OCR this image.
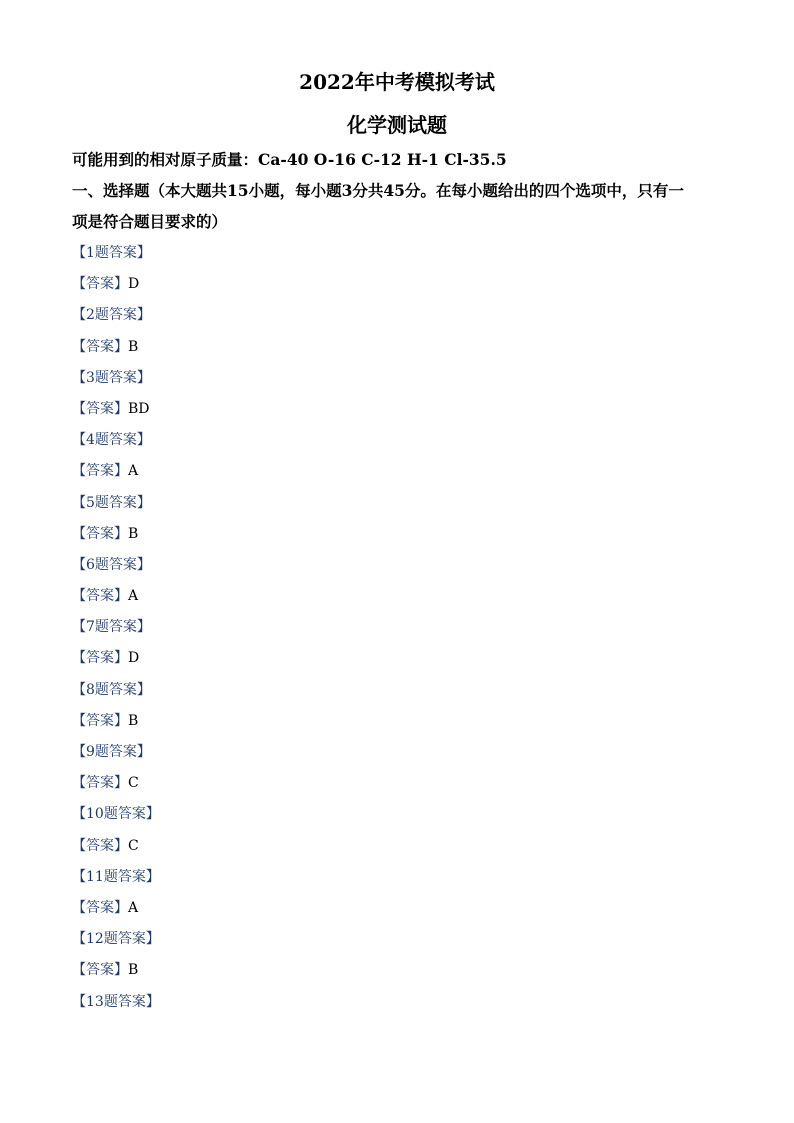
2022年中考模拟考试
化学测试题
可能用到的相对原子质量：Ca-40 O-16 C-12 H-1 Cl-35.5
一、选择题（本大题共15小题，每小题3分共45分。在每小题给出的四个选项中，只有一
项是符合题目要求的）
【1题答案】
【答案】D
【2题答案】
【答案】B
【3题答案】
【答案】BD
【4题答案】
【答案】A
【5题答案】
【答案】B
【6题答案】
【答案】A
【7题答案】
【答案】D
【8题答案】
【答案】B
【9题答案】
【答案】C
【10题答案】
【答案】C
【11题答案】
【答案】A
【12题答案】
【答案】B
【13题答案】
